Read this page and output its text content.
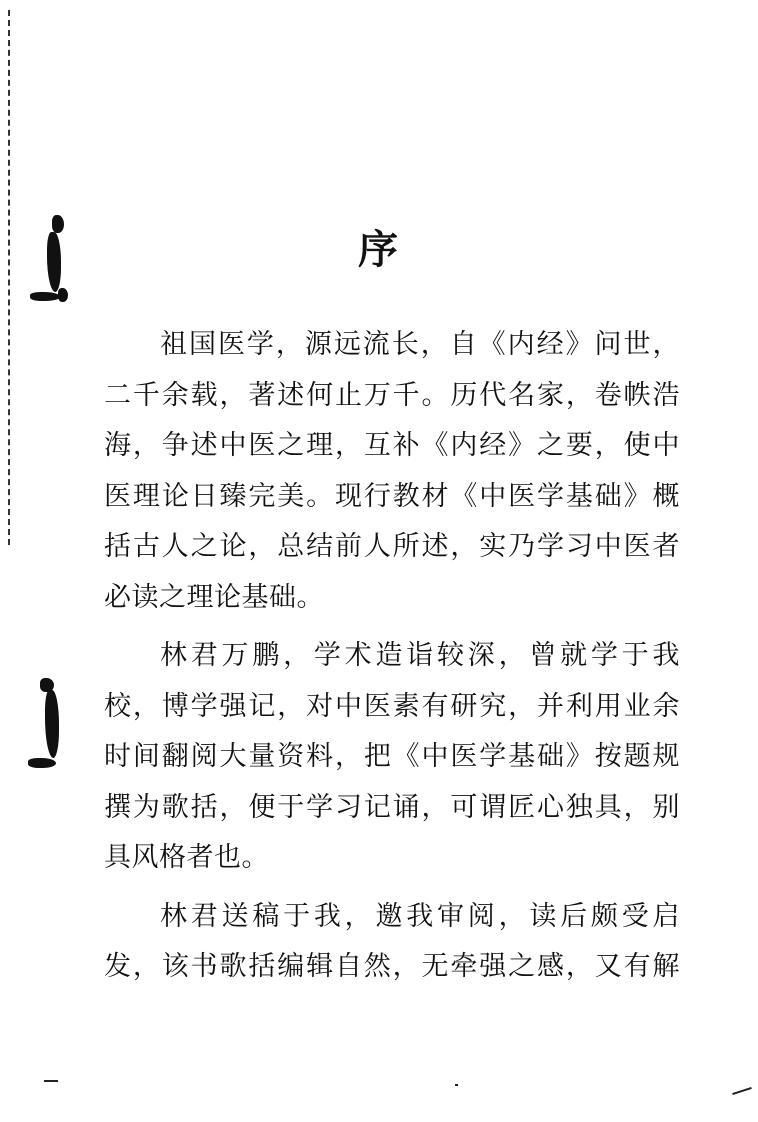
序
祖国医学，源远流长，自《内经》问世，
二千余载，著述何止万千。历代名家，卷帙浩
海，争述中医之理，互补《内经》之要，使中
医理论日臻完美。现行教材《中医学基础》概
括古人之论，总结前人所述，实乃学习中医者
必读之理论基础。
林君万鹏，学术造诣较深，曾就学于我
校，博学强记，对中医素有研究，并利用业余
时间翻阅大量资料，把《中医学基础》按题规
撰为歌括，便于学习记诵，可谓匠心独具，别
具风格者也。
林君送稿于我，邀我审阅，读后颇受启
发，该书歌括编辑自然，无牵强之感，又有解
